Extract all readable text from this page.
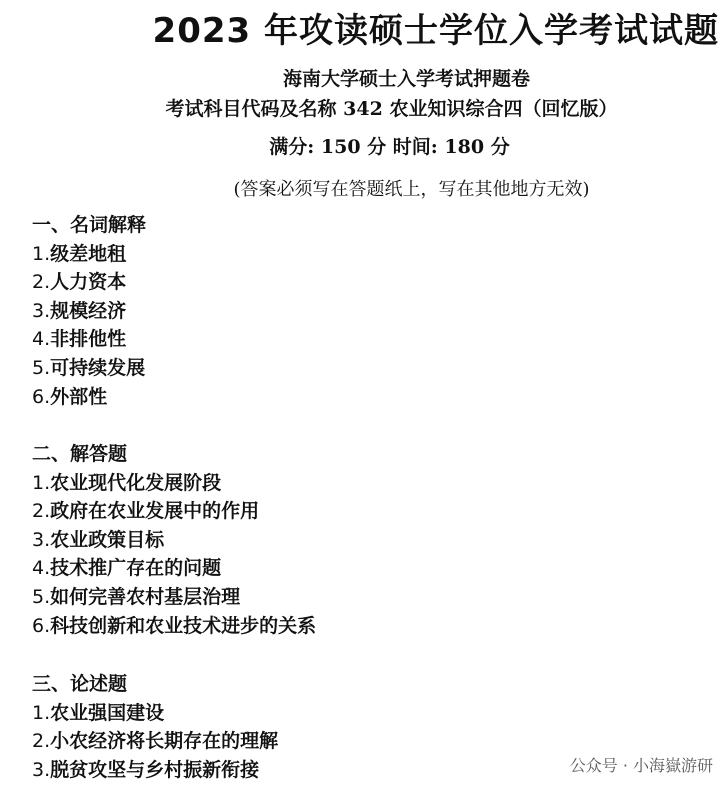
2023 年攻读硕士学位入学考试试题
海南大学硕士入学考试押题卷
考试科目代码及名称 342 农业知识综合四（回忆版）
满分: 150 分 时间: 180 分
(答案必须写在答题纸上，写在其他地方无效)
一、名词解释
1.级差地租
2.人力资本
3.规模经济
4.非排他性
5.可持续发展
6.外部性
二、解答题
1.农业现代化发展阶段
2.政府在农业发展中的作用
3.农业政策目标
4.技术推广存在的问题
5.如何完善农村基层治理
6.科技创新和农业技术进步的关系
三、论述题
1.农业强国建设
2.小农经济将长期存在的理解
3.脱贫攻坚与乡村振新衔接	公众号 · 小海嶽游研
